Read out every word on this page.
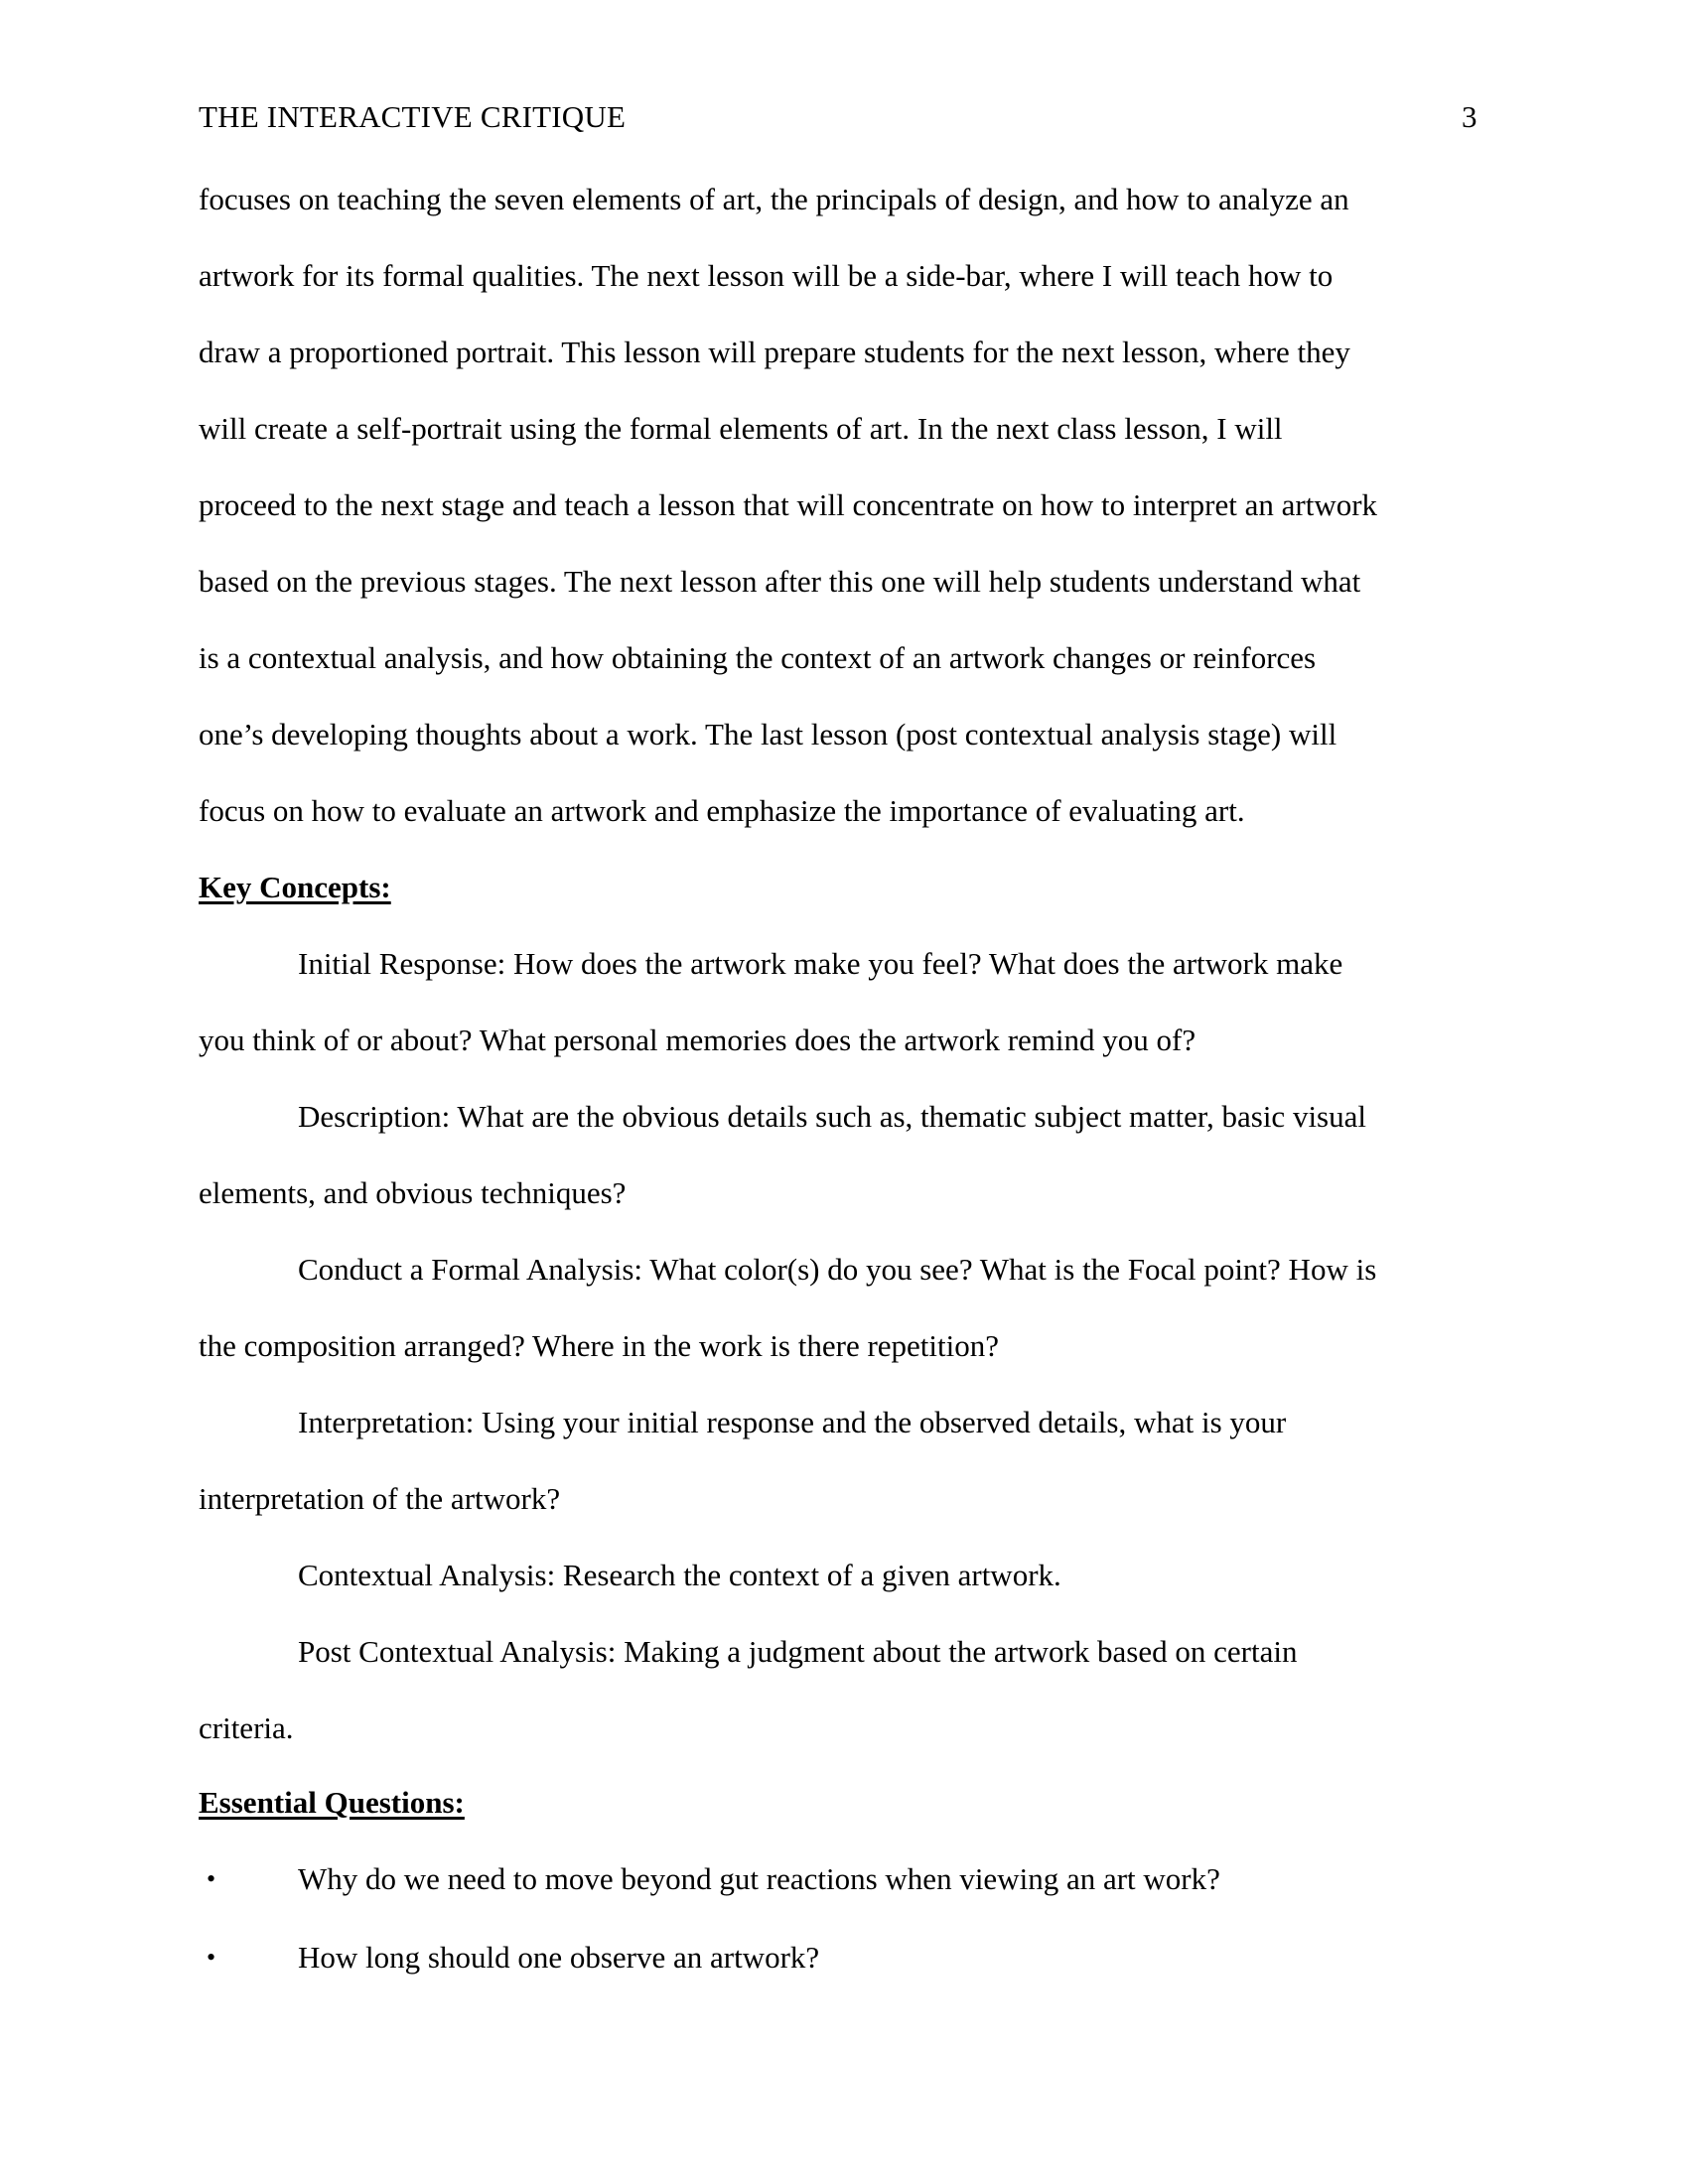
THE INTERACTIVE CRITIQUE	3
focuses on teaching the seven elements of art, the principals of design, and how to analyze an
artwork for its formal qualities. The next lesson will be a side-bar, where I will teach how to
draw a proportioned portrait. This lesson will prepare students for the next lesson, where they
will create a self-portrait using the formal elements of art. In the next class lesson, I will
proceed to the next stage and teach a lesson that will concentrate on how to interpret an artwork
based on the previous stages. The next lesson after this one will help students understand what
is a contextual analysis, and how obtaining the context of an artwork changes or reinforces
one’s developing thoughts about a work. The last lesson (post contextual analysis stage) will
focus on how to evaluate an artwork and emphasize the importance of evaluating art.
Key Concepts:
Initial Response: How does the artwork make you feel? What does the artwork make
you think of or about? What personal memories does the artwork remind you of?
Description: What are the obvious details such as, thematic subject matter, basic visual
elements, and obvious techniques?
Conduct a Formal Analysis: What color(s) do you see? What is the Focal point? How is
the composition arranged? Where in the work is there repetition?
Interpretation: Using your initial response and the observed details, what is your
interpretation of the artwork?
Contextual Analysis: Research the context of a given artwork.
Post Contextual Analysis: Making a judgment about the artwork based on certain
criteria.
Essential Questions:
•	Why do we need to move beyond gut reactions when viewing an art work?
•	How long should one observe an artwork?
